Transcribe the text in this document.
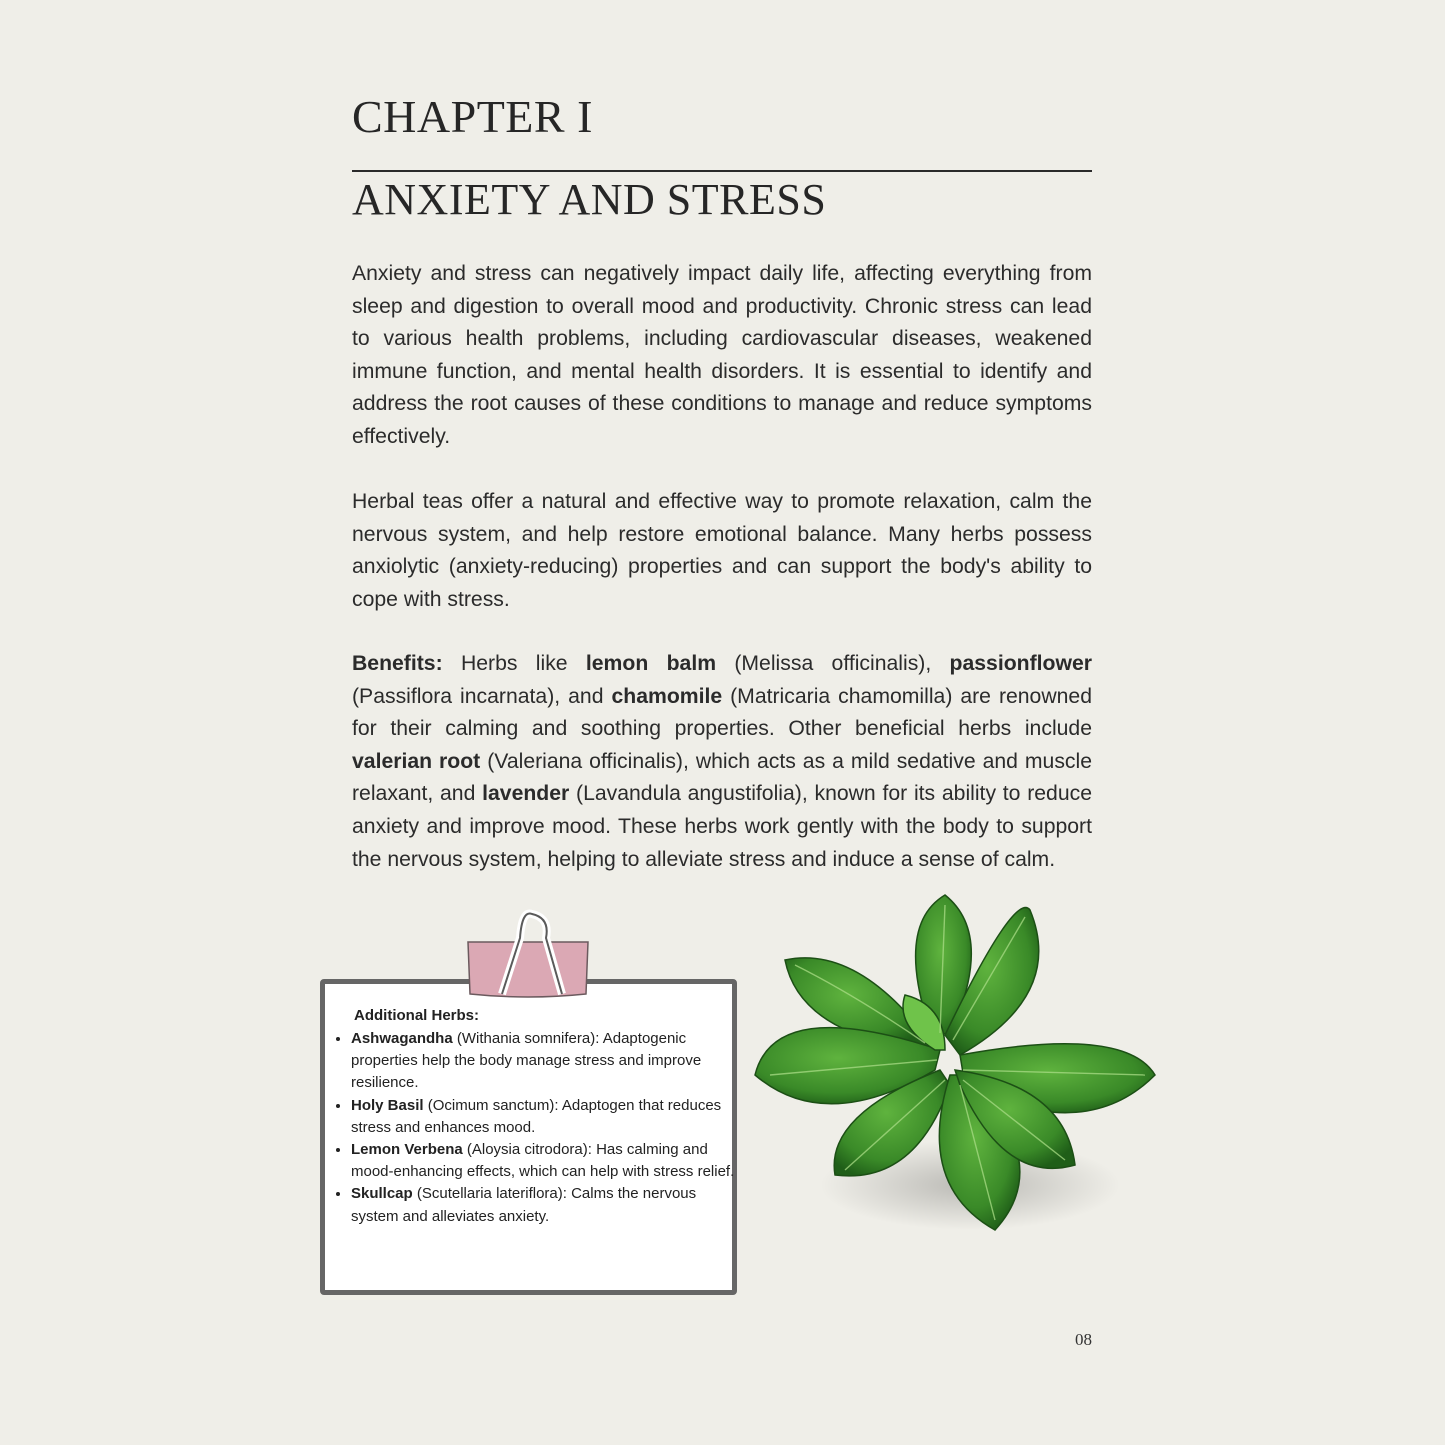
CHAPTER I
ANXIETY AND STRESS

Anxiety and stress can negatively impact daily life, affecting everything from sleep and digestion to overall mood and productivity. Chronic stress can lead to various health problems, including cardiovascular diseases, weakened immune function, and mental health disorders. It is essential to identify and address the root causes of these conditions to manage and reduce symptoms effectively.

Herbal teas offer a natural and effective way to promote relaxation, calm the nervous system, and help restore emotional balance. Many herbs possess anxiolytic (anxiety-reducing) properties and can support the body's ability to cope with stress.

Benefits: Herbs like lemon balm (Melissa officinalis), passionflower (Passiflora incarnata), and chamomile (Matricaria chamomilla) are renowned for their calming and soothing properties. Other beneficial herbs include valerian root (Valeriana officinalis), which acts as a mild sedative and muscle relaxant, and lavender (Lavandula angustifolia), known for its ability to reduce anxiety and improve mood. These herbs work gently with the body to support the nervous system, helping to alleviate stress and induce a sense of calm.

Additional Herbs:
• Ashwagandha (Withania somnifera): Adaptogenic properties help the body manage stress and improve resilience.
• Holy Basil (Ocimum sanctum): Adaptogen that reduces stress and enhances mood.
• Lemon Verbena (Aloysia citrodora): Has calming and mood-enhancing effects, which can help with stress relief.
• Skullcap (Scutellaria lateriflora): Calms the nervous system and alleviates anxiety.
08
